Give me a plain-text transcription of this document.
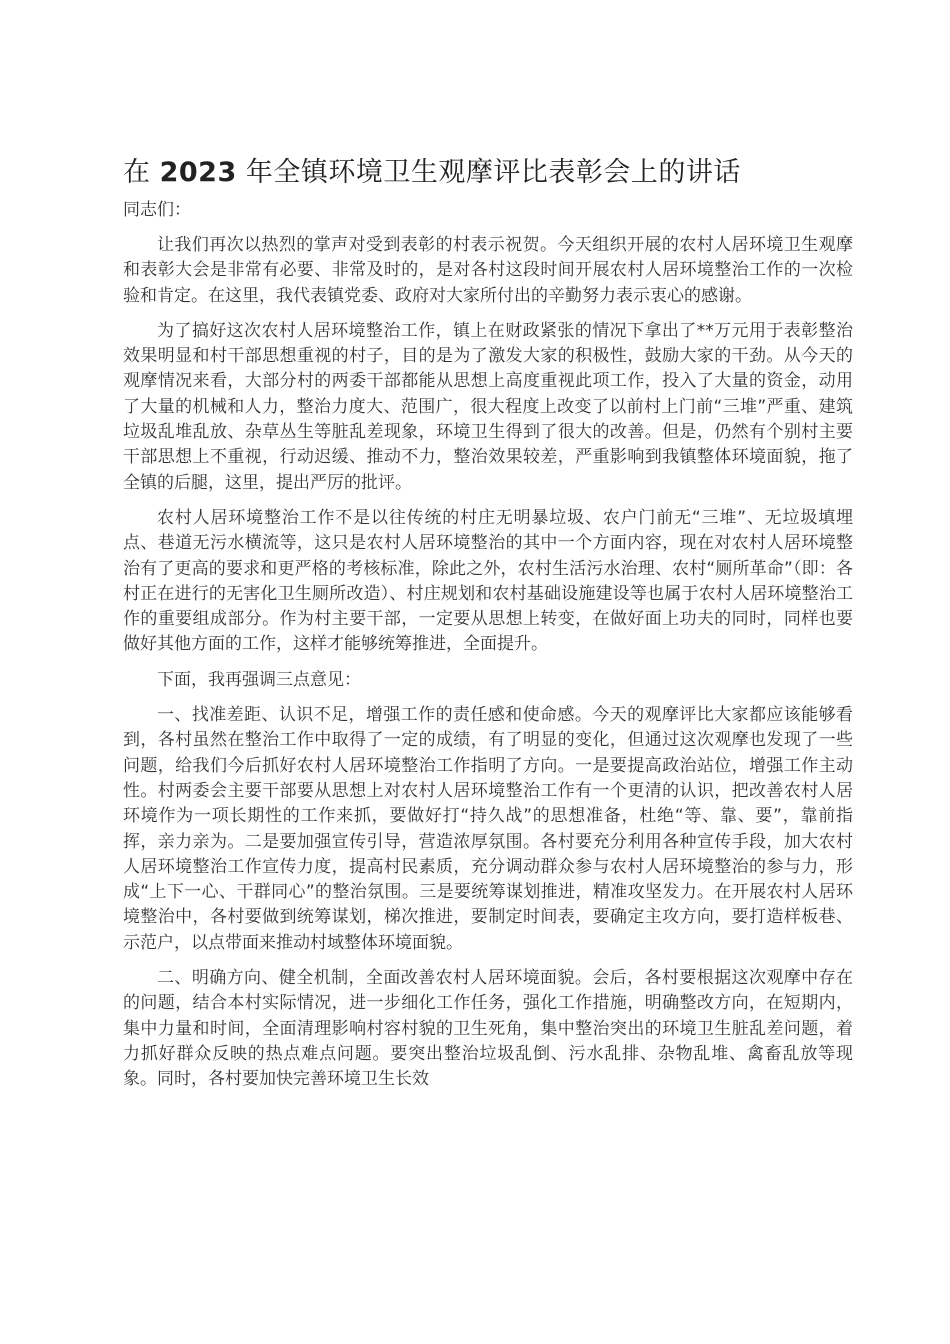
在 2023 年全镇环境卫生观摩评比表彰会上的讲话
同志们：

让我们再次以热烈的掌声对受到表彰的村表示祝贺。今天组织开展的农村人居环境卫生观摩和表彰大会是非常有必要、非常及时的，是对各村这段时间开展农村人居环境整治工作的一次检验和肯定。在这里，我代表镇党委、政府对大家所付出的辛勤努力表示衷心的感谢。

为了搞好这次农村人居环境整治工作，镇上在财政紧张的情况下拿出了**万元用于表彰整治效果明显和村干部思想重视的村子，目的是为了激发大家的积极性，鼓励大家的干劲。从今天的观摩情况来看，大部分村的两委干部都能从思想上高度重视此项工作，投入了大量的资金，动用了大量的机械和人力，整治力度大、范围广，很大程度上改变了以前村上门前“三堆”严重、建筑垃圾乱堆乱放、杂草丛生等脏乱差现象，环境卫生得到了很大的改善。但是，仍然有个别村主要干部思想上不重视，行动迟缓、推动不力，整治效果较差，严重影响到我镇整体环境面貌，拖了全镇的后腿，这里，提出严厉的批评。

农村人居环境整治工作不是以往传统的村庄无明暴垃圾、农户门前无“三堆”、无垃圾填埋点、巷道无污水横流等，这只是农村人居环境整治的其中一个方面内容，现在对农村人居环境整治有了更高的要求和更严格的考核标准，除此之外，农村生活污水治理、农村“厕所革命”（即：各村正在进行的无害化卫生厕所改造）、村庄规划和农村基础设施建设等也属于农村人居环境整治工作的重要组成部分。作为村主要干部，一定要从思想上转变，在做好面上功夫的同时，同样也要做好其他方面的工作，这样才能够统筹推进，全面提升。

下面，我再强调三点意见：

一、找准差距、认识不足，增强工作的责任感和使命感。今天的观摩评比大家都应该能够看到，各村虽然在整治工作中取得了一定的成绩，有了明显的变化，但通过这次观摩也发现了一些问题，给我们今后抓好农村人居环境整治工作指明了方向。一是要提高政治站位，增强工作主动性。村两委会主要干部要从思想上对农村人居环境整治工作有一个更清的认识，把改善农村人居环境作为一项长期性的工作来抓，要做好打“持久战”的思想准备，杜绝“等、靠、要”，靠前指挥，亲力亲为。二是要加强宣传引导，营造浓厚氛围。各村要充分利用各种宣传手段，加大农村人居环境整治工作宣传力度，提高村民素质，充分调动群众参与农村人居环境整治的参与力，形成“上下一心、干群同心”的整治氛围。三是要统筹谋划推进，精准攻坚发力。在开展农村人居环境整治中，各村要做到统筹谋划，梯次推进，要制定时间表，要确定主攻方向，要打造样板巷、示范户，以点带面来推动村域整体环境面貌。

二、明确方向、健全机制，全面改善农村人居环境面貌。会后，各村要根据这次观摩中存在的问题，结合本村实际情况，进一步细化工作任务，强化工作措施，明确整改方向，在短期内，集中力量和时间，全面清理影响村容村貌的卫生死角，集中整治突出的环境卫生脏乱差问题，着力抓好群众反映的热点难点问题。要突出整治垃圾乱倒、污水乱排、杂物乱堆、禽畜乱放等现象。同时，各村要加快完善环境卫生长效
